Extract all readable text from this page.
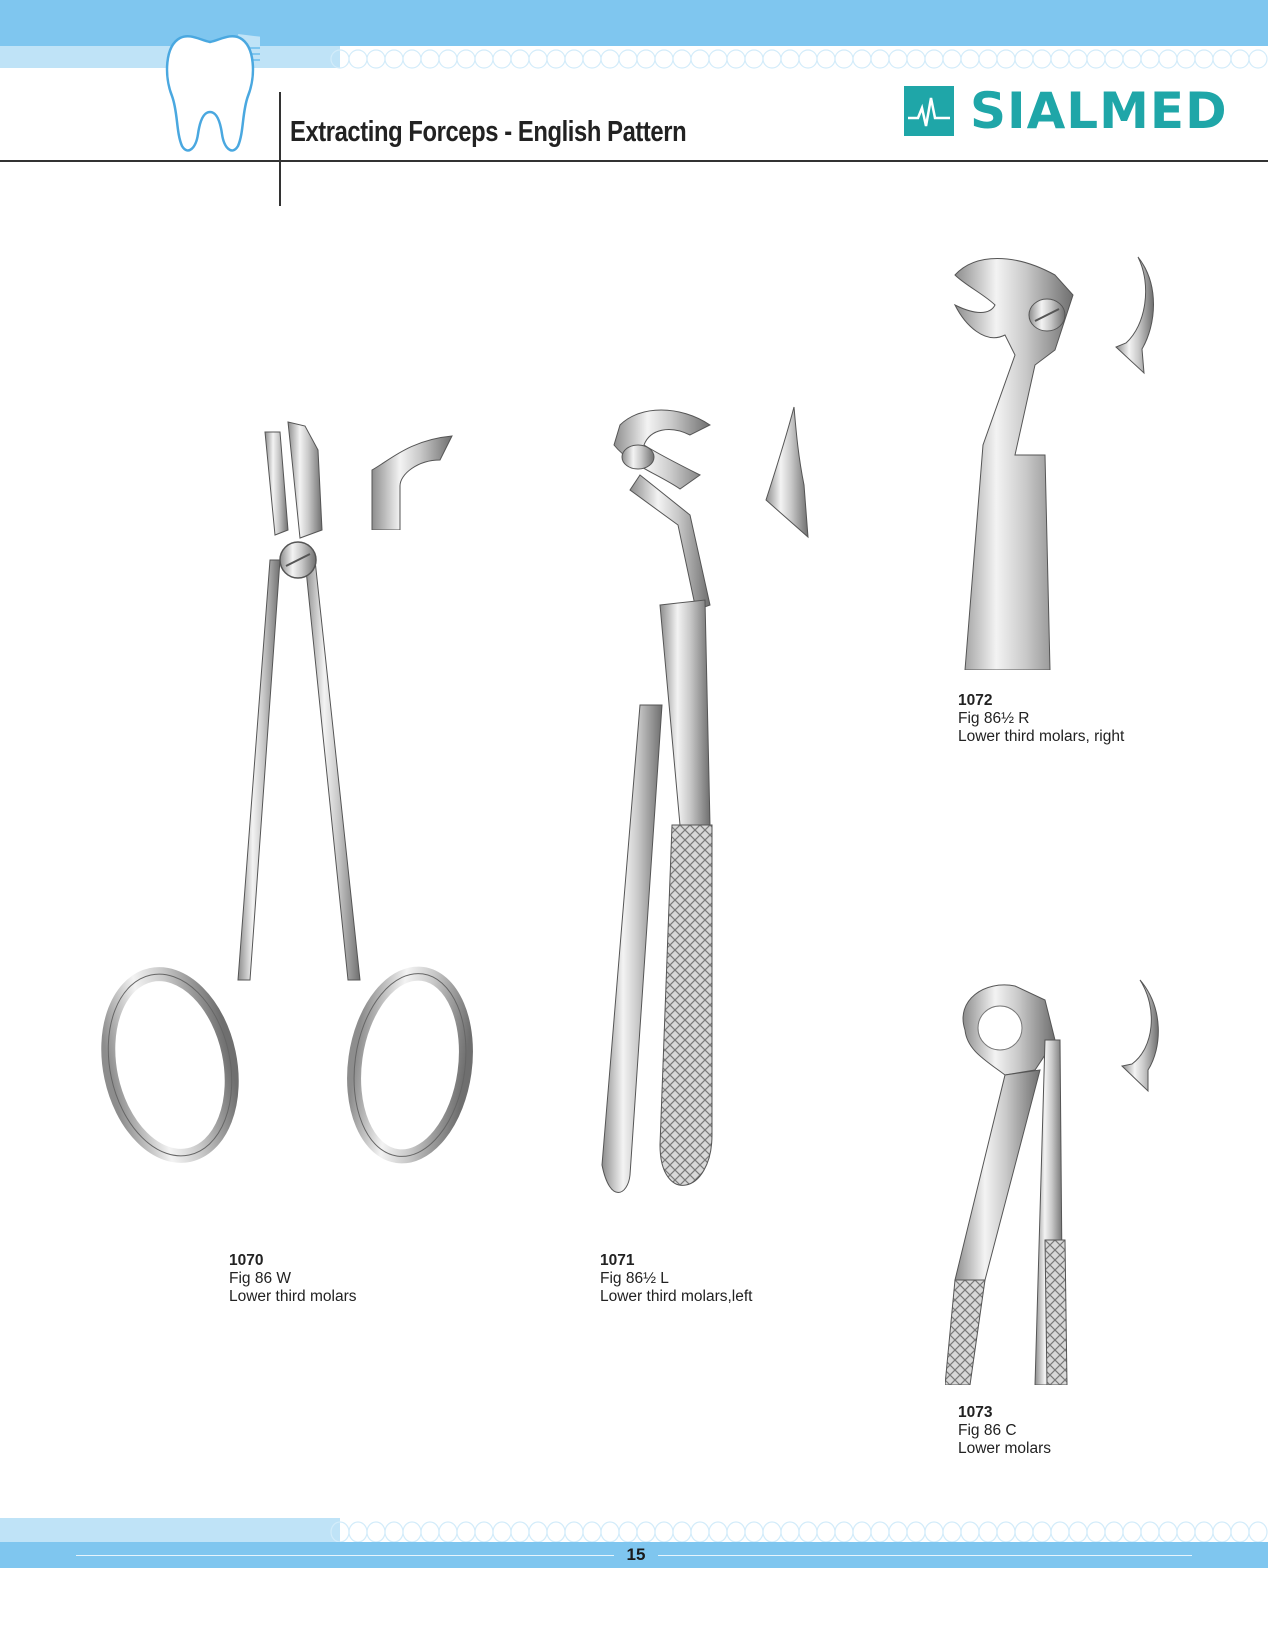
Extracting Forceps - English Pattern	SIALMED
1070
Fig 86 W
Lower third molars
1071
Fig 86½ L
Lower third molars,left
1072
Fig 86½ R
Lower third molars, right
1073
Fig 86 C
Lower molars
15
